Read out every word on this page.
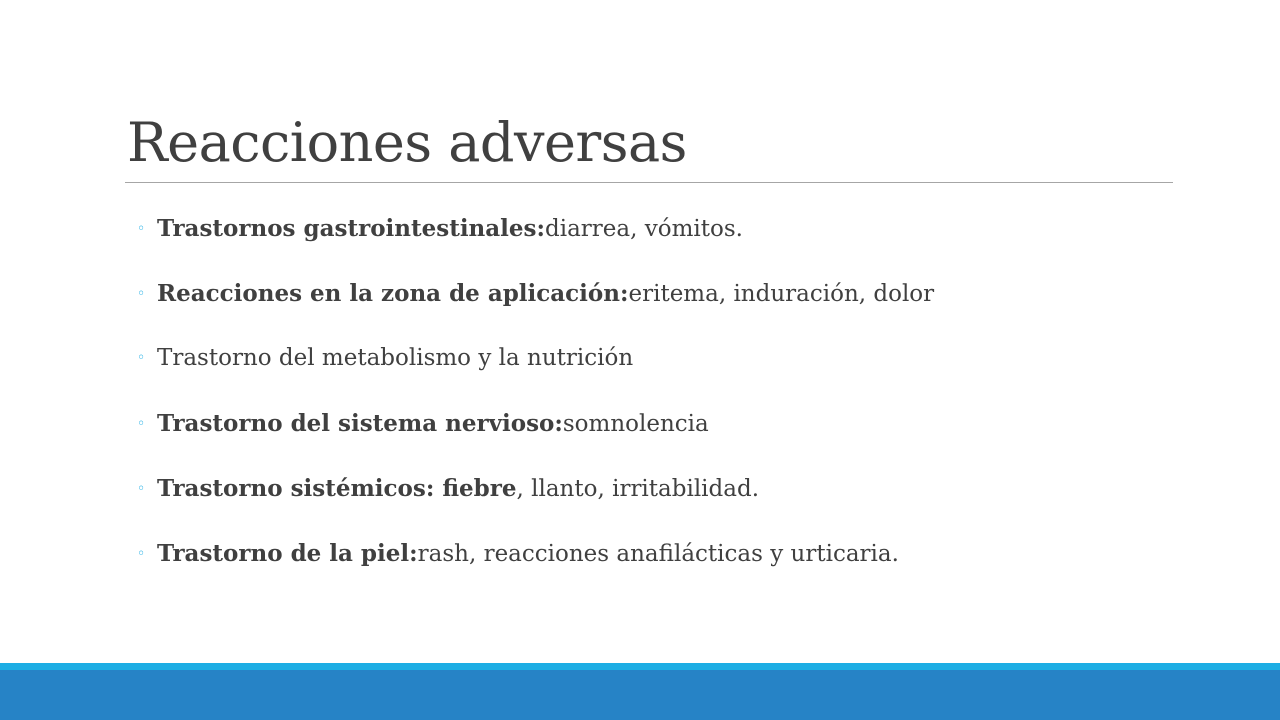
Reacciones adversas
◦ Trastornos gastrointestinales: diarrea, vómitos.
◦ Reacciones en la zona de aplicación: eritema, induración, dolor
◦ Trastorno del metabolismo y la nutrición
◦ Trastorno del sistema nervioso: somnolencia
◦ Trastorno sistémicos: fiebre , llanto, irritabilidad.
◦ Trastorno de la piel: rash, reacciones anafilácticas y urticaria.
